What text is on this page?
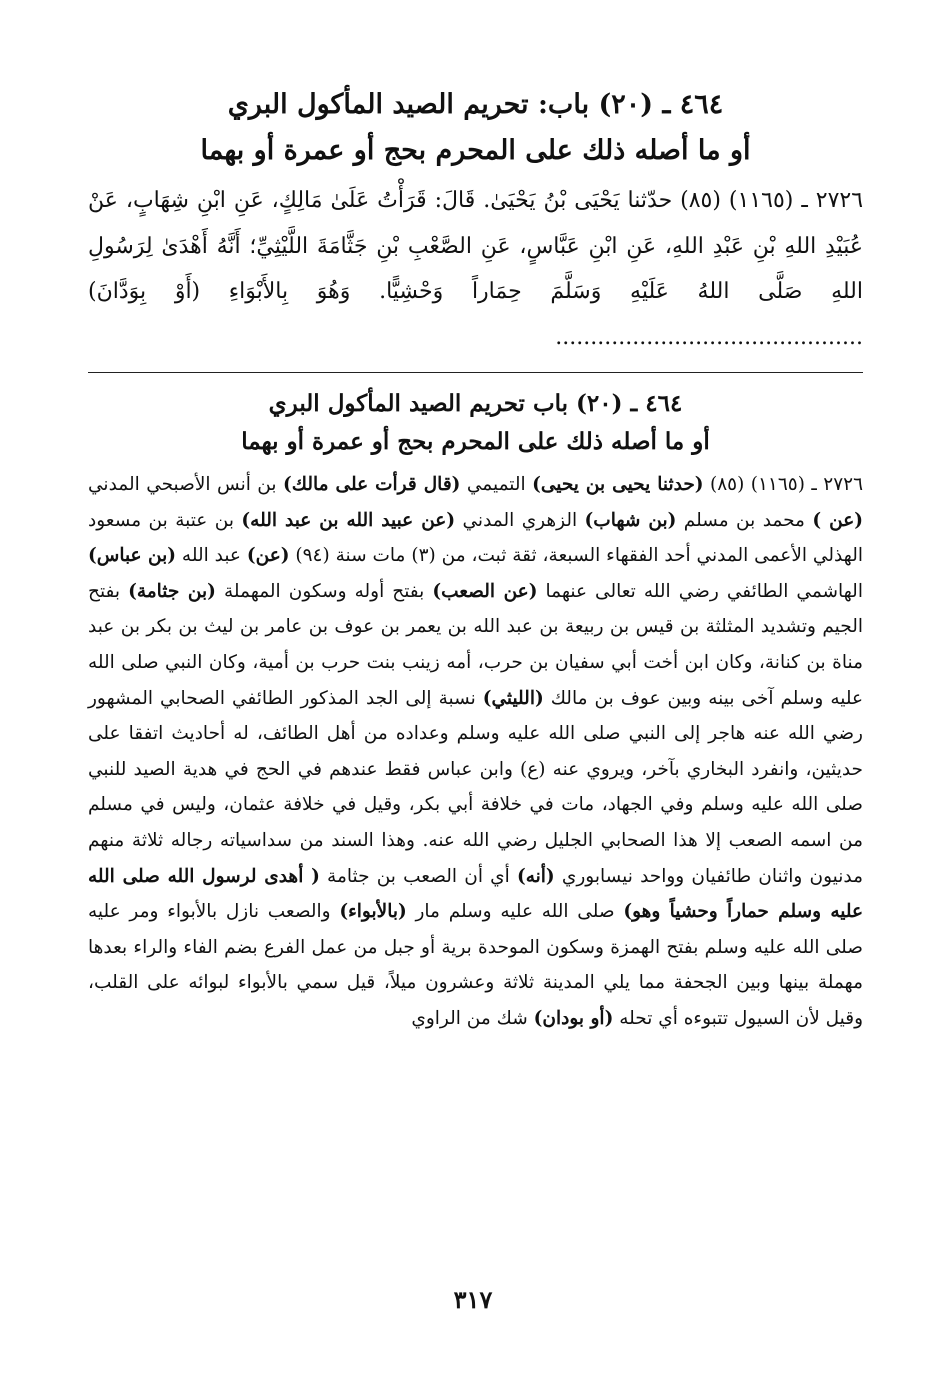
٤٦٤ ـ (٢٠) باب: تحريم الصيد المأكول البري
أو ما أصله ذلك على المحرم بحج أو عمرة أو بهما

٢٧٢٦ ـ (١١٦٥) (٨٥) حدّثنا يَحْيَى بْنُ يَحْيَىٰ. قَالَ: قَرَأْتُ عَلَىٰ مَالِكٍ، عَنِ ابْنِ شِهَابٍ، عَنْ عُبَيْدِ اللهِ بْنِ عَبْدِ اللهِ، عَنِ ابْنِ عَبَّاسٍ، عَنِ الصَّعْبِ بْنِ جَثَّامَةَ اللَّيْثِيِّ؛ أَنَّهُ أَهْدَىٰ لِرَسُولِ اللهِ صَلَّى اللهُ عَلَيْهِ وَسَلَّمَ حِمَاراً وَحْشِيًّا. وَهُوَ بِالأَبْوَاءِ (أَوْ بِوَدَّانَ) ............................................

٤٦٤ ـ (٢٠) باب تحريم الصيد المأكول البري
أو ما أصله ذلك على المحرم بحج أو عمرة أو بهما

٢٧٢٦ ـ (١١٦٥) (٨٥) (حدثنا يحيى بن يحيى) التميمي (قال قرأت على مالك) بن أنس الأصبحي المدني (عن ) محمد بن مسلم (بن شهاب) الزهري المدني (عن عبيد الله بن عبد الله) بن عتبة بن مسعود الهذلي الأعمى المدني أحد الفقهاء السبعة، ثقة ثبت، من (٣) مات سنة (٩٤) (عن) عبد الله (بن عباس) الهاشمي الطائفي رضي الله تعالى عنهما (عن الصعب) بفتح أوله وسكون المهملة (بن جثامة) بفتح الجيم وتشديد المثلثة بن قيس بن ربيعة بن عبد الله بن يعمر بن عوف بن عامر بن ليث بن بكر بن عبد مناة بن كنانة، وكان ابن أخت أبي سفيان بن حرب، أمه زينب بنت حرب بن أمية، وكان النبي صلى الله عليه وسلم آخى بينه وبين عوف بن مالك (الليثي) نسبة إلى الجد المذكور الطائفي الصحابي المشهور رضي الله عنه هاجر إلى النبي صلى الله عليه وسلم وعداده من أهل الطائف، له أحاديث اتفقا على حديثين، وانفرد البخاري بآخر، ويروي عنه (ع) وابن عباس فقط عندهم في الحج في هدية الصيد للنبي صلى الله عليه وسلم وفي الجهاد، مات في خلافة أبي بكر، وقيل في خلافة عثمان، وليس في مسلم من اسمه الصعب إلا هذا الصحابي الجليل رضي الله عنه. وهذا السند من سداسياته رجاله ثلاثة منهم مدنيون واثنان طائفيان وواحد نيسابوري (أنه) أي أن الصعب بن جثامة ( أهدى لرسول الله صلى الله عليه وسلم حماراً وحشياً وهو) صلى الله عليه وسلم مار (بالأبواء) والصعب نازل بالأبواء ومر عليه صلى الله عليه وسلم بفتح الهمزة وسكون الموحدة برية أو جبل من عمل الفرع بضم الفاء والراء بعدها مهملة بينها وبين الجحفة مما يلي المدينة ثلاثة وعشرون ميلاً، قيل سمي بالأبواء لبوائه على القلب، وقيل لأن السيول تتبوءه أي تحله (أو بودان) شك من الراوي

٣١٧
